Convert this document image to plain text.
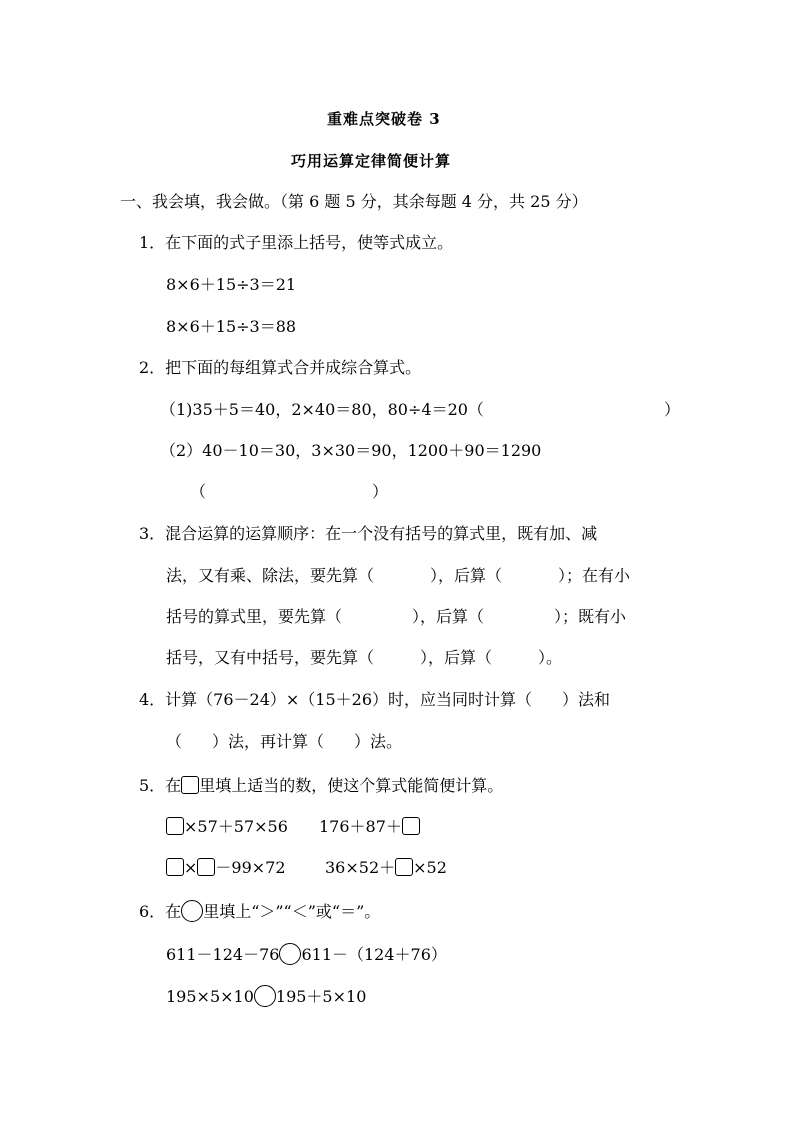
重难点突破卷 3
巧用运算定律简便计算
一、我会填，我会做。（第 6 题 5 分，其余每题 4 分，共 25 分）
1．在下面的式子里添上括号，使等式成立。
8×6＋15÷3＝21
8×6＋15÷3＝88
2．把下面的每组算式合并成综合算式。
（1)35＋5＝40，2×40＝80，80÷4＝20（	）
（2）40－10＝30，3×30＝90，1200＋90＝1290
（	）
3．混合运算的运算顺序：在一个没有括号的算式里，既有加、减
法，又有乘、除法，要先算（	），后算（	）；在有小
括号的算式里，要先算（	），后算（	）；既有小
括号，又有中括号，要先算（	），后算（	）。
4．计算（76－24）×（15＋26）时，应当同时计算（ ）法和
（ ）法，再计算（ ）法。
5．在 里填上适当的数，使这个算式能简便计算。
×57＋57×56 176＋87＋
× －99×72 36×52＋ ×52
6．在 里填上“＞”“＜”或“＝”。
611－124－76 611－（124＋76）
195×5×10 195＋5×10
